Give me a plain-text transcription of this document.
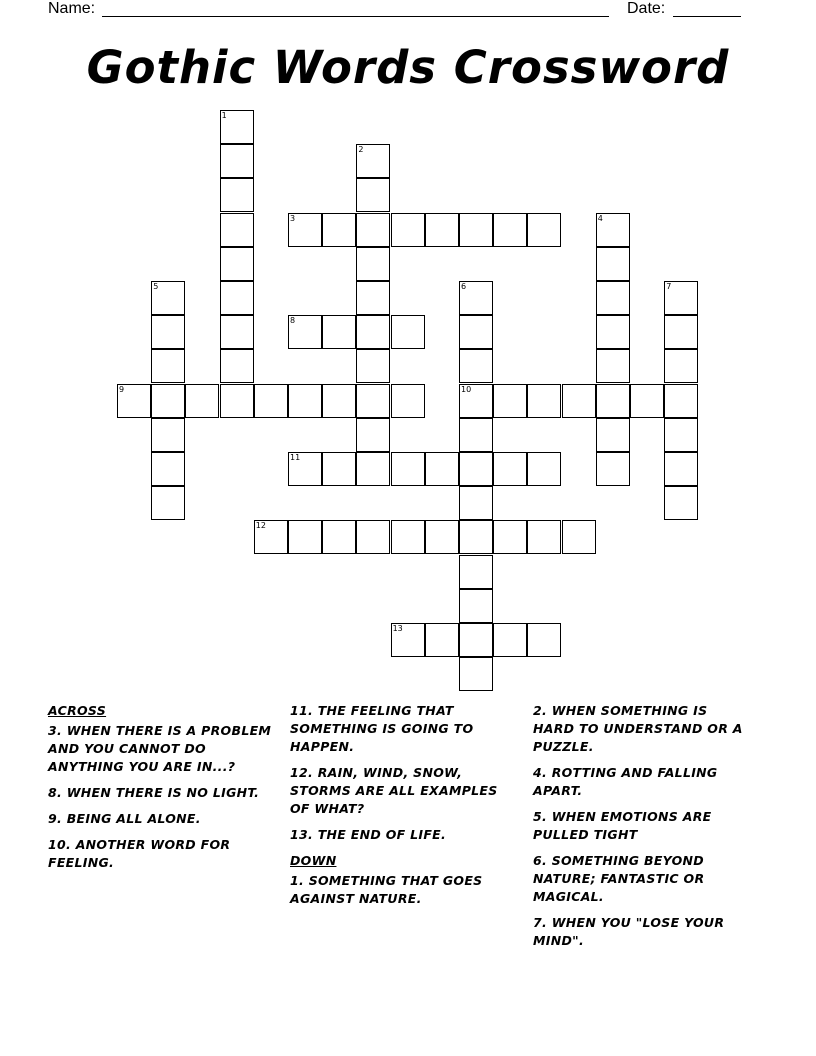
Name:	Date:
Gothic Words Crossword
1
2
3	4
5	6
10
7
8
9
11
12
13
ACROSS
3. WHEN THERE IS A PROBLEM AND YOU CANNOT DO ANYTHING YOU ARE IN...?
8. WHEN THERE IS NO LIGHT.
9. BEING ALL ALONE.
10. ANOTHER WORD FOR FEELING.
11. THE FEELING THAT SOMETHING IS GOING TO HAPPEN.
12. RAIN, WIND, SNOW, STORMS ARE ALL EXAMPLES OF WHAT?
13. THE END OF LIFE.
DOWN
1. SOMETHING THAT GOES AGAINST NATURE.
2. WHEN SOMETHING IS HARD TO UNDERSTAND OR A PUZZLE.
4. ROTTING AND FALLING APART.
5. WHEN EMOTIONS ARE PULLED TIGHT
6. SOMETHING BEYOND NATURE; FANTASTIC OR MAGICAL.
7. WHEN YOU "LOSE YOUR MIND".
